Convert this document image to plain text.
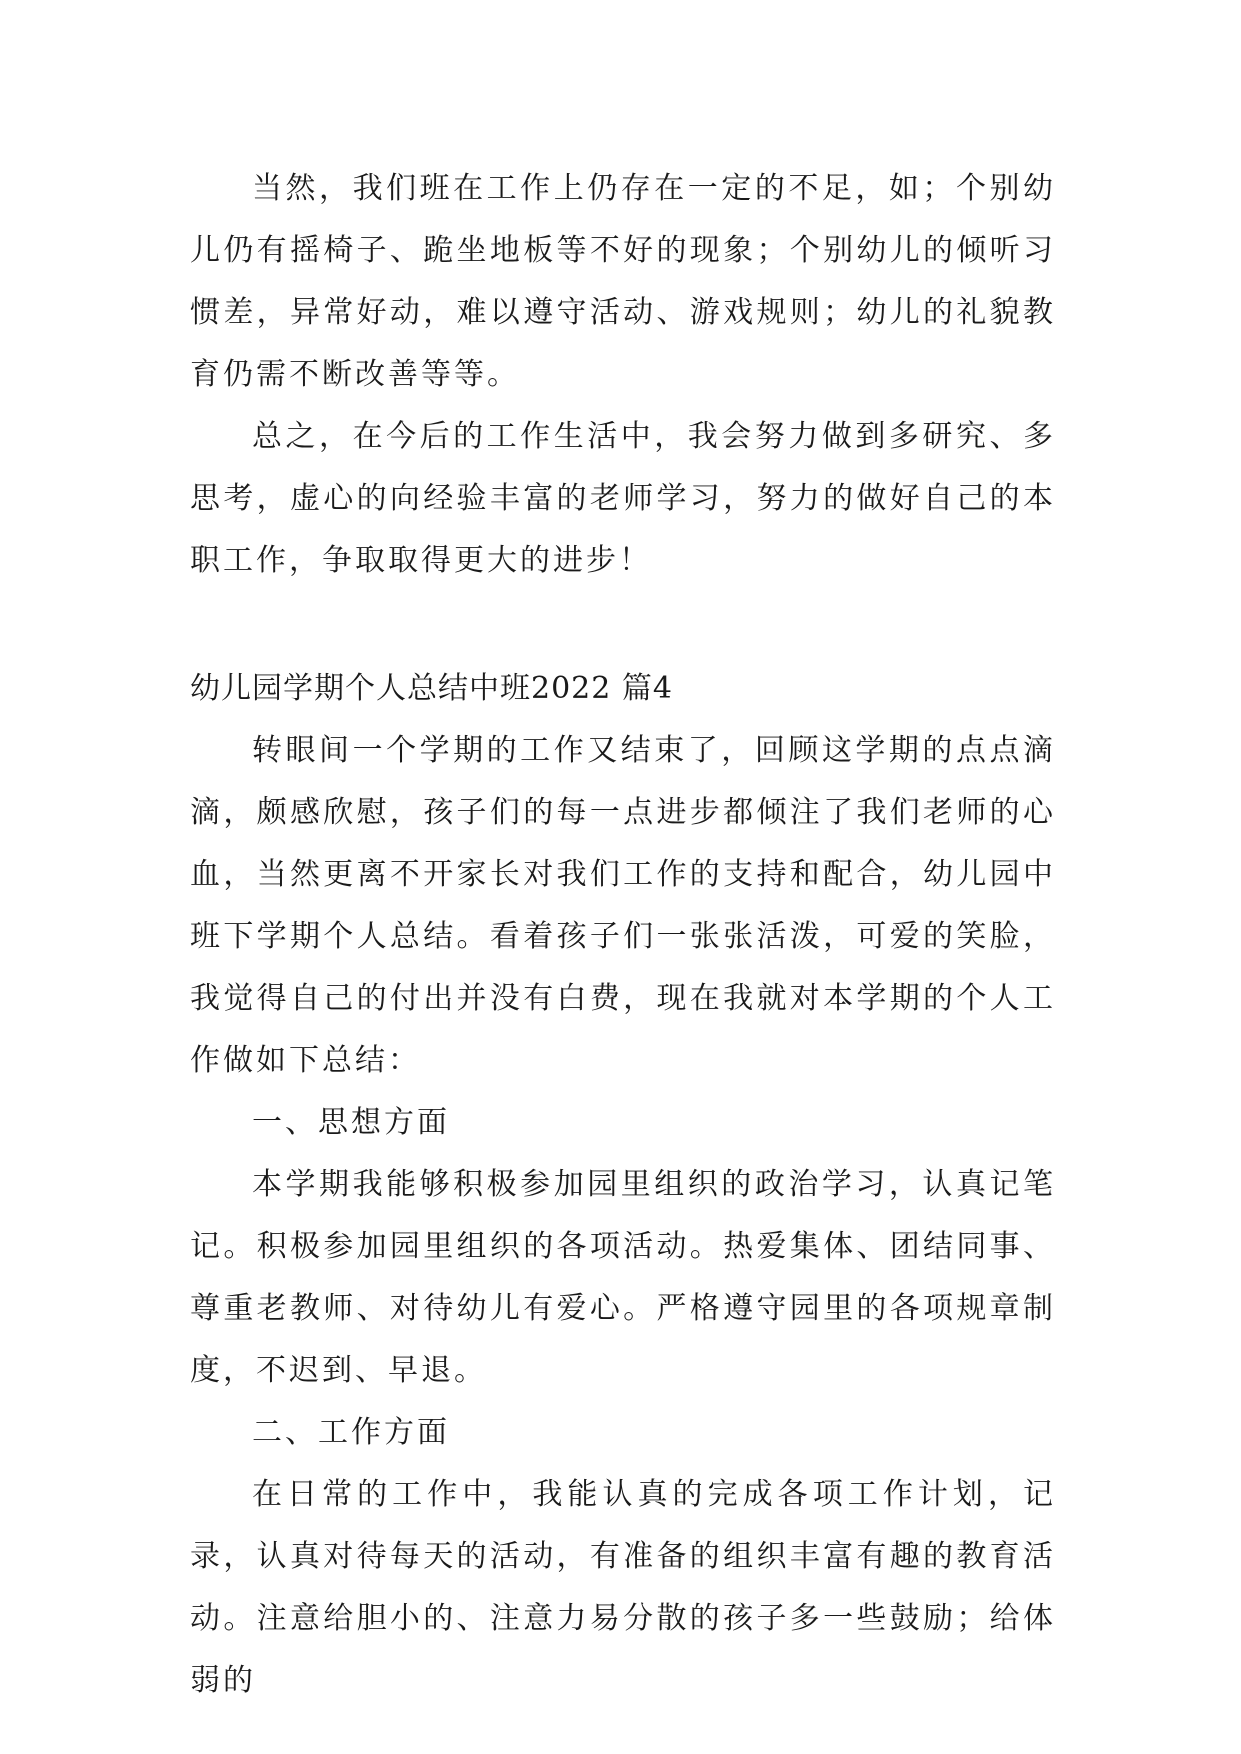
当然，我们班在工作上仍存在一定的不足，如；个别幼儿仍有摇椅子、跪坐地板等不好的现象；个别幼儿的倾听习惯差，异常好动，难以遵守活动、游戏规则；幼儿的礼貌教育仍需不断改善等等。

总之，在今后的工作生活中，我会努力做到多研究、多思考，虚心的向经验丰富的老师学习，努力的做好自己的本职工作，争取取得更大的进步！

幼儿园学期个人总结中班2022 篇4

转眼间一个学期的工作又结束了，回顾这学期的点点滴滴，颇感欣慰，孩子们的每一点进步都倾注了我们老师的心血，当然更离不开家长对我们工作的支持和配合，幼儿园中班下学期个人总结。看着孩子们一张张活泼，可爱的笑脸，我觉得自己的付出并没有白费，现在我就对本学期的个人工作做如下总结：

一、思想方面

本学期我能够积极参加园里组织的政治学习，认真记笔记。积极参加园里组织的各项活动。热爱集体、团结同事、尊重老教师、对待幼儿有爱心。严格遵守园里的各项规章制度，不迟到、早退。

二、工作方面

在日常的工作中，我能认真的完成各项工作计划，记录，认真对待每天的活动，有准备的组织丰富有趣的教育活动。注意给胆小的、注意力易分散的孩子多一些鼓励；给体弱的
